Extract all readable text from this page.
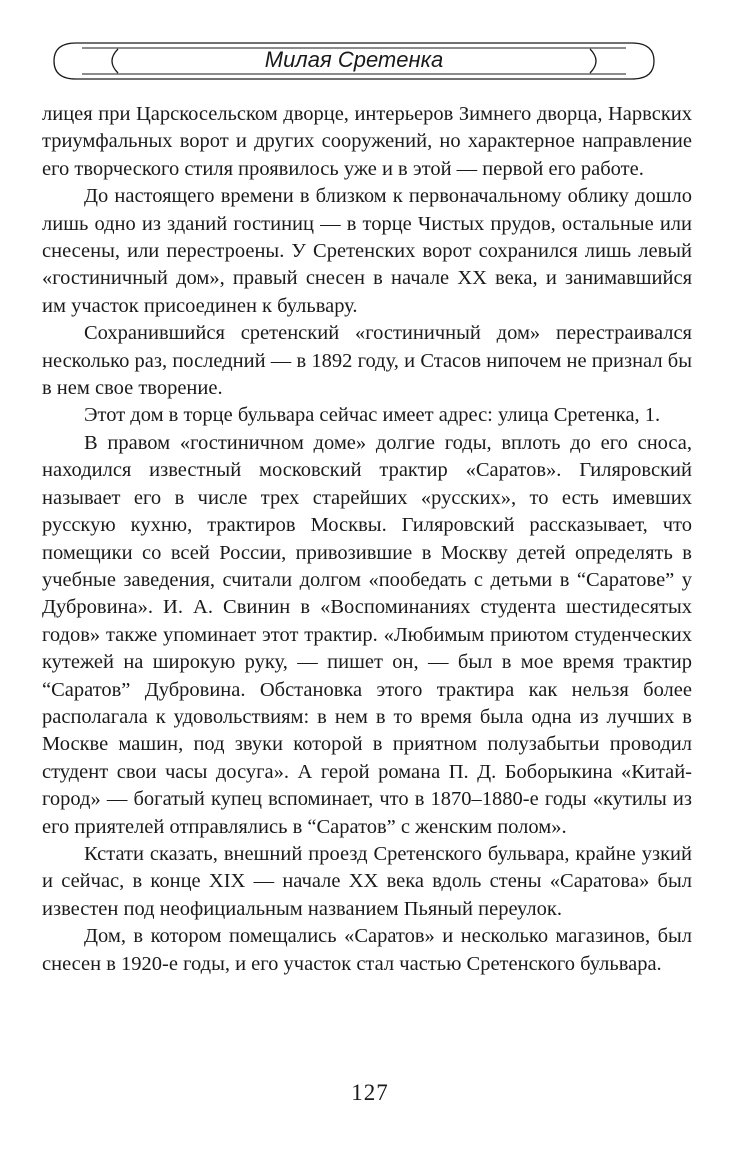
Милая Сретенка

лицея при Царскосельском дворце, интерьеров Зимнего дворца, Нарвских триумфальных ворот и других сооружений, но характерное направление его творческого стиля проявилось уже и в этой — первой его работе.

До настоящего времени в близком к первоначальному облику дошло лишь одно из зданий гостиниц — в торце Чистых прудов, остальные или снесены, или перестроены. У Сретенских ворот сохранился лишь левый «гостиничный дом», правый снесен в начале XX века, и занимавшийся им участок присоединен к бульвару.

Сохранившийся сретенский «гостиничный дом» перестраивался несколько раз, последний — в 1892 году, и Стасов нипочем не признал бы в нем свое творение.

Этот дом в торце бульвара сейчас имеет адрес: улица Сретенка, 1.

В правом «гостиничном доме» долгие годы, вплоть до его сноса, находился известный московский трактир «Саратов». Гиляровский называет его в числе трех старейших «русских», то есть имевших русскую кухню, трактиров Москвы. Гиляровский рассказывает, что помещики со всей России, привозившие в Москву детей определять в учебные заведения, считали долгом «пообедать с детьми в “Саратове” у Дубровина». И. А. Свинин в «Воспоминаниях студента шестидесятых годов» также упоминает этот трактир. «Любимым приютом студенческих кутежей на широкую руку, — пишет он, — был в мое время трактир “Саратов” Дубровина. Обстановка этого трактира как нельзя более располагала к удовольствиям: в нем в то время была одна из лучших в Москве машин, под звуки которой в приятном полузабытьи проводил студент свои часы досуга». А герой романа П. Д. Боборыкина «Китай-город» — богатый купец вспоминает, что в 1870–1880-е годы «кутилы из его приятелей отправлялись в “Саратов” с женским полом».

Кстати сказать, внешний проезд Сретенского бульвара, крайне узкий и сейчас, в конце XIX — начале XX века вдоль стены «Саратова» был известен под неофициальным названием Пьяный переулок.

Дом, в котором помещались «Саратов» и несколько магазинов, был снесен в 1920-е годы, и его участок стал частью Сретенского бульвара.

127
